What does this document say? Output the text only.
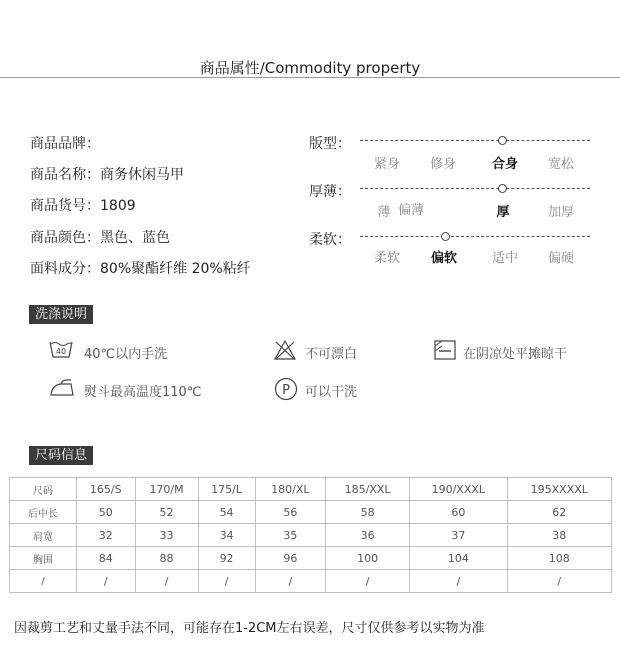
商品属性/Commodity property
商品品牌：
商品名称：商务休闲马甲
商品货号：1809
商品颜色：黑色、蓝色
面料成分：80%聚酯纤维 20%粘纤
版型：
紧身	修身	合身	宽松
厚薄：
薄 偏薄	厚	加厚
柔软：
柔软	偏软	适中	偏硬
洗涤说明
40 40℃以内手洗	不可漂白	在阴凉处平摊晾干
熨斗最高温度110℃	P 可以干洗
尺码信息
尺码	165/S	170/M	175/L	180/XL	185/XXL	190/XXXL	195XXXXL
后中长	50	52	54	56	58	60	62
肩宽	32	33	34	35	36	37	38
胸围	84	88	92	96	100	104	108
/	/	/	/	/	/	/	/
因裁剪工艺和丈量手法不同，可能存在1-2CM左右误差，尺寸仅供参考以实物为准
